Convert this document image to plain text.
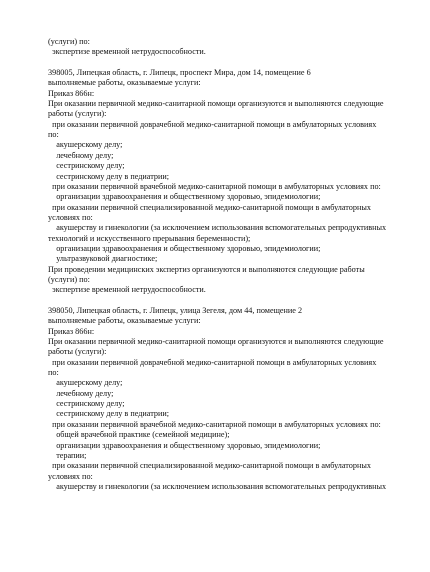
(услуги) по:
экспертизе временной нетрудоспособности.
398005, Липецкая область, г. Липецк, проспект Мира, дом 14, помещение 6
выполняемые работы, оказываемые услуги:
Приказ 866н:
При оказании первичной медико-санитарной помощи организуются и выполняются следующие
работы (услуги):
при оказании первичной доврачебной медико-санитарной помощи в амбулаторных условиях
по:
акушерскому делу;
лечебному делу;
сестринскому делу;
сестринскому делу в педиатрии;
при оказании первичной врачебной медико-санитарной помощи в амбулаторных условиях по:
организации здравоохранения и общественному здоровью, эпидемиологии;
при оказании первичной специализированной медико-санитарной помощи в амбулаторных
условиях по:
акушерству и гинекологии (за исключением использования вспомогательных репродуктивных
технологий и искусственного прерывания беременности);
организации здравоохранения и общественному здоровью, эпидемиологии;
ультразвуковой диагностике;
При проведении медицинских экспертиз организуются и выполняются следующие работы
(услуги) по:
экспертизе временной нетрудоспособности.
398050, Липецкая область, г. Липецк, улица Зегеля, дом 44, помещение 2
выполняемые работы, оказываемые услуги:
Приказ 866н:
При оказании первичной медико-санитарной помощи организуются и выполняются следующие
работы (услуги):
при оказании первичной доврачебной медико-санитарной помощи в амбулаторных условиях
по:
акушерскому делу;
лечебному делу;
сестринскому делу;
сестринскому делу в педиатрии;
при оказании первичной врачебной медико-санитарной помощи в амбулаторных условиях по:
общей врачебной практике (семейной медицине);
организации здравоохранения и общественному здоровью, эпидемиологии;
терапии;
при оказании первичной специализированной медико-санитарной помощи в амбулаторных
условиях по:
акушерству и гинекологии (за исключением использования вспомогательных репродуктивных
